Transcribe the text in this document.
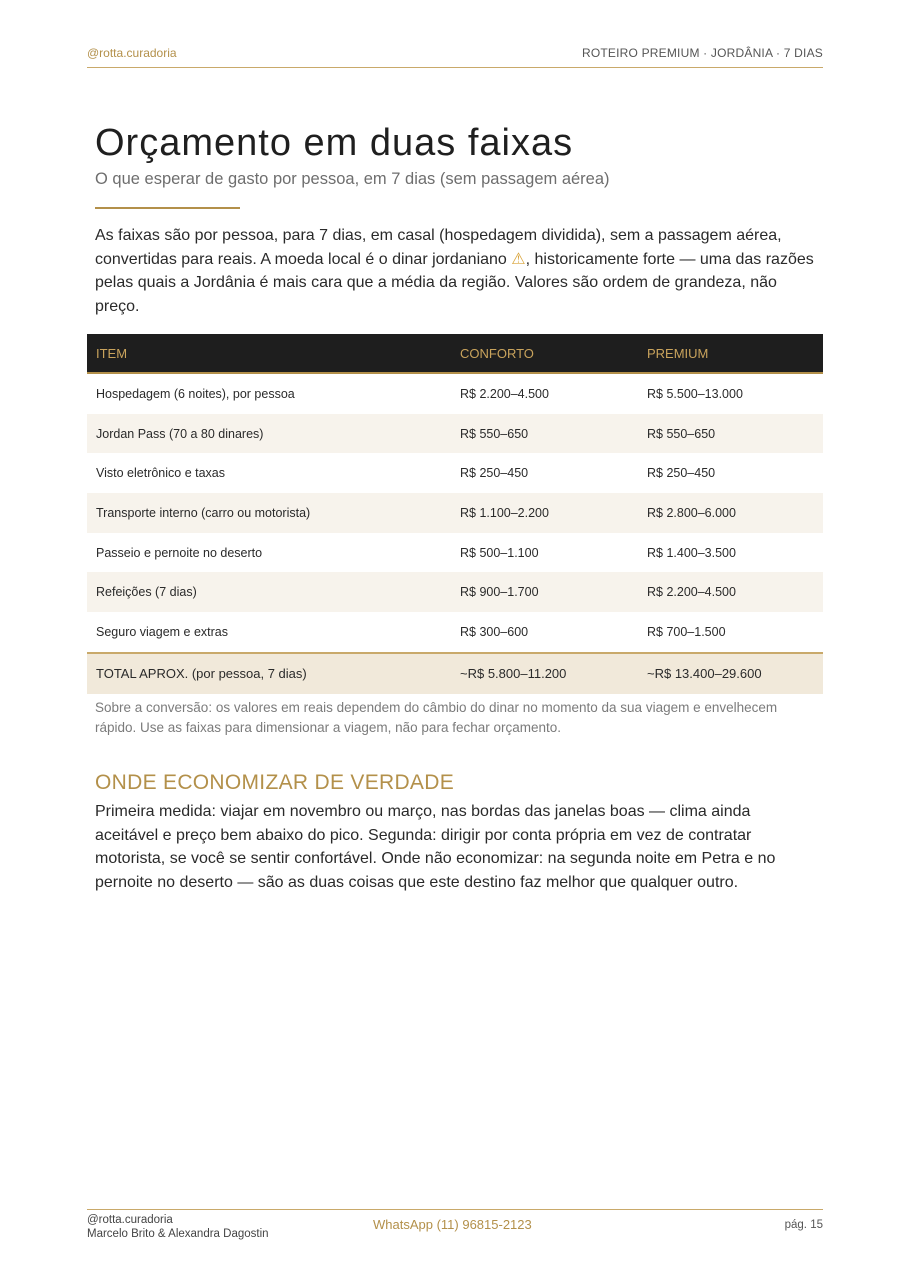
@rotta.curadoria	ROTEIRO PREMIUM · JORDÂNIA · 7 DIAS
Orçamento em duas faixas
O que esperar de gasto por pessoa, em 7 dias (sem passagem aérea)

As faixas são por pessoa, para 7 dias, em casal (hospedagem dividida), sem a passagem aérea, convertidas para reais. A moeda local é o dinar jordaniano ⚠, historicamente forte — uma das razões pelas quais a Jordânia é mais cara que a média da região. Valores são ordem de grandeza, não preço.

ITEM	CONFORTO	PREMIUM
Hospedagem (6 noites), por pessoa	R$ 2.200–4.500	R$ 5.500–13.000
Jordan Pass (70 a 80 dinares)	R$ 550–650	R$ 550–650
Visto eletrônico e taxas	R$ 250–450	R$ 250–450
Transporte interno (carro ou motorista)	R$ 1.100–2.200	R$ 2.800–6.000
Passeio e pernoite no deserto	R$ 500–1.100	R$ 1.400–3.500
Refeições (7 dias)	R$ 900–1.700	R$ 2.200–4.500
Seguro viagem e extras	R$ 300–600	R$ 700–1.500
TOTAL APROX. (por pessoa, 7 dias)	~R$ 5.800–11.200	~R$ 13.400–29.600

Sobre a conversão: os valores em reais dependem do câmbio do dinar no momento da sua viagem e envelhecem rápido. Use as faixas para dimensionar a viagem, não para fechar orçamento.

ONDE ECONOMIZAR DE VERDADE

Primeira medida: viajar em novembro ou março, nas bordas das janelas boas — clima ainda aceitável e preço bem abaixo do pico. Segunda: dirigir por conta própria em vez de contratar motorista, se você se sentir confortável. Onde não economizar: na segunda noite em Petra e no pernoite no deserto — são as duas coisas que este destino faz melhor que qualquer outro.

@rotta.curadoria
Marcelo Brito & Alexandra Dagostin
WhatsApp (11) 96815-2123	pág. 15
